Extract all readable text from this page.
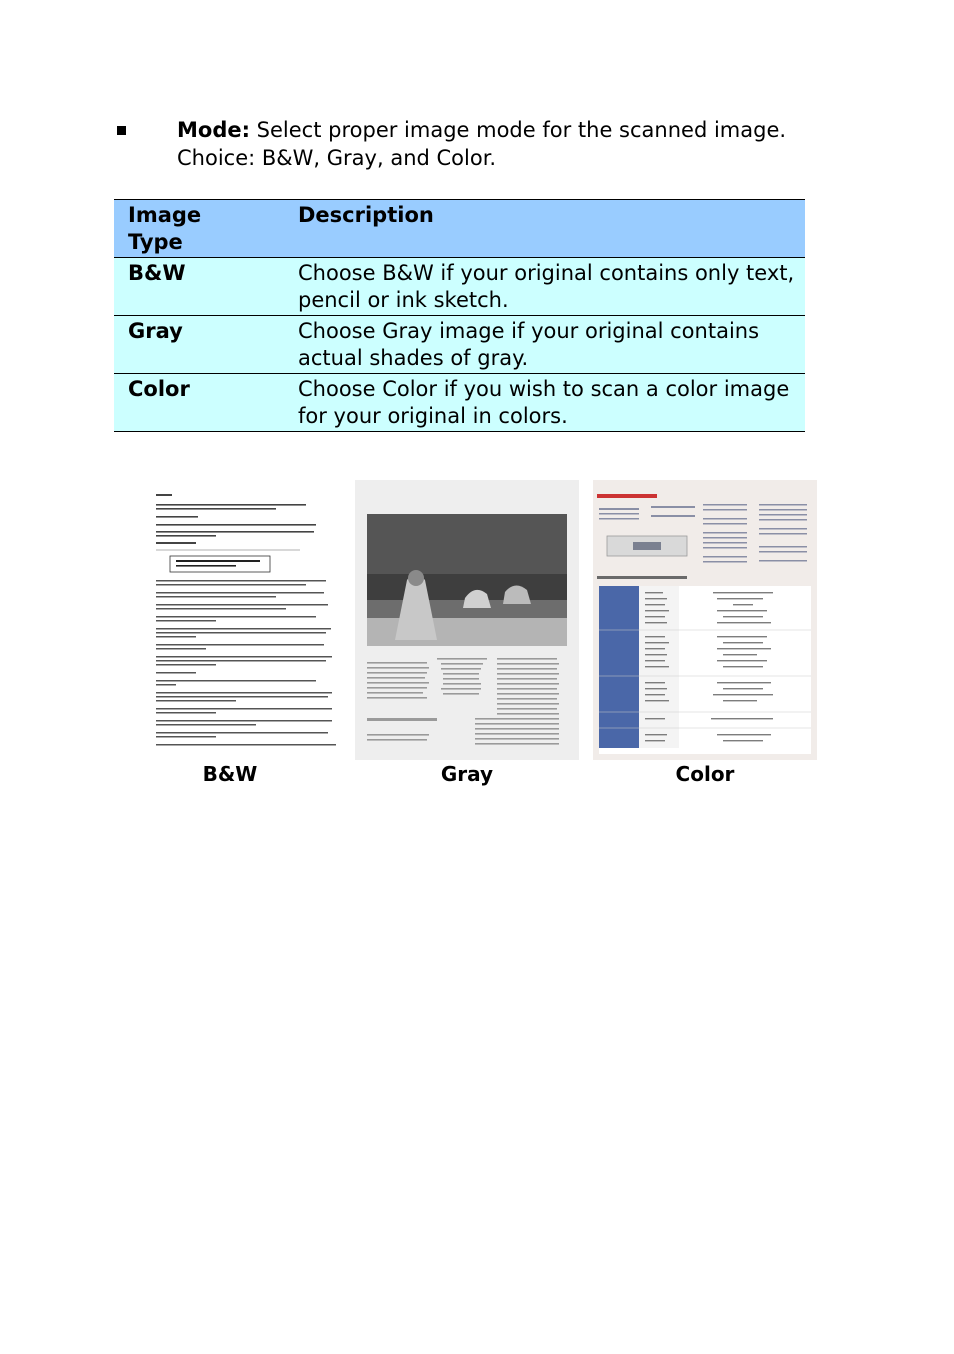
Mode: Select proper image mode for the scanned image.
Choice: B&W, Gray, and Color.
Image
Type	Description
B&W	Choose B&W if your original contains only text, pencil or ink sketch.
Gray	Choose Gray image if your original contains actual shades of gray.
Color	Choose Color if you wish to scan a color image for your original in colors.
B&W	Gray	Color
